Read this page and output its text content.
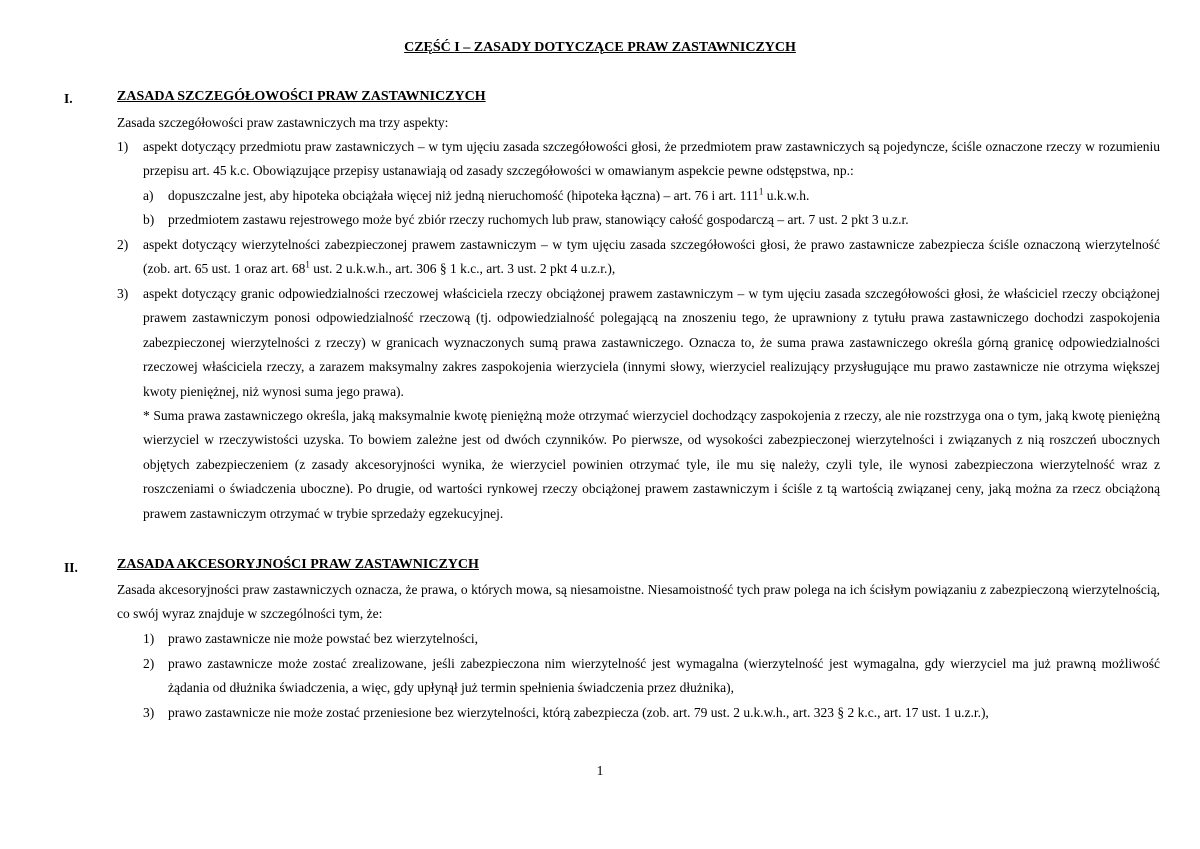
CZĘŚĆ I – ZASADY DOTYCZĄCE PRAW ZASTAWNICZYCH
I.	ZASADA SZCZEGÓŁOWOŚCI PRAW ZASTAWNICZYCH
Zasada szczegółowości praw zastawniczych ma trzy aspekty:
1) aspekt dotyczący przedmiotu praw zastawniczych – w tym ujęciu zasada szczegółowości głosi, że przedmiotem praw zastawniczych są pojedyncze, ściśle oznaczone rzeczy w rozumieniu przepisu art. 45 k.c. Obowiązujące przepisy ustanawiają od zasady szczegółowości w omawianym aspekcie pewne odstępstwa, np.:
a) dopuszczalne jest, aby hipoteka obciążała więcej niż jedną nieruchomość (hipoteka łączna) – art. 76 i art. $111^1$ u.k.w.h.
b) przedmiotem zastawu rejestrowego może być zbiór rzeczy ruchomych lub praw, stanowiący całość gospodarczą – art. 7 ust. 2 pkt 3 u.z.r.
2) aspekt dotyczący wierzytelności zabezpieczonej prawem zastawniczym – w tym ujęciu zasada szczegółowości głosi, że prawo zastawnicze zabezpiecza ściśle oznaczoną wierzytelność (zob. art. 65 ust. 1 oraz art. $68^1$ ust. 2 u.k.w.h., art. 306 § 1 k.c., art. 3 ust. 2 pkt 4 u.z.r.),
3) aspekt dotyczący granic odpowiedzialności rzeczowej właściciela rzeczy obciążonej prawem zastawniczym – w tym ujęciu zasada szczegółowości głosi, że właściciel rzeczy obciążonej prawem zastawniczym ponosi odpowiedzialność rzeczową (tj. odpowiedzialność polegającą na znoszeniu tego, że uprawniony z tytułu prawa zastawniczego dochodzi zaspokojenia zabezpieczonej wierzytelności z rzeczy) w granicach wyznaczonych sumą prawa zastawniczego. Oznacza to, że suma prawa zastawniczego określa górną granicę odpowiedzialności rzeczowej właściciela rzeczy, a zarazem maksymalny zakres zaspokojenia wierzyciela (innymi słowy, wierzyciel realizujący przysługujące mu prawo zastawnicze nie otrzyma większej kwoty pieniężnej, niż wynosi suma jego prawa).
* Suma prawa zastawniczego określa, jaką maksymalnie kwotę pieniężną może otrzymać wierzyciel dochodzący zaspokojenia z rzeczy, ale nie rozstrzyga ona o tym, jaką kwotę pieniężną wierzyciel w rzeczywistości uzyska. To bowiem zależne jest od dwóch czynników. Po pierwsze, od wysokości zabezpieczonej wierzytelności i związanych z nią roszczeń ubocznych objętych zabezpieczeniem (z zasady akcesoryjności wynika, że wierzyciel powinien otrzymać tyle, ile mu się należy, czyli tyle, ile wynosi zabezpieczona wierzytelność wraz z roszczeniami o świadczenia uboczne). Po drugie, od wartości rynkowej rzeczy obciążonej prawem zastawniczym i ściśle z tą wartością związanej ceny, jaką można za rzecz obciążoną prawem zastawniczym otrzymać w trybie sprzedaży egzekucyjnej.
II.	ZASADA AKCESORYJNOŚCI PRAW ZASTAWNICZYCH
Zasada akcesoryjności praw zastawniczych oznacza, że prawa, o których mowa, są niesamoistne. Niesamoistność tych praw polega na ich ścisłym powiązaniu z zabezpieczoną wierzytelnością, co swój wyraz znajduje w szczególności tym, że:
1) prawo zastawnicze nie może powstać bez wierzytelności,
2) prawo zastawnicze może zostać zrealizowane, jeśli zabezpieczona nim wierzytelność jest wymagalna (wierzytelność jest wymagalna, gdy wierzyciel ma już prawną możliwość żądania od dłużnika świadczenia, a więc, gdy upłynął już termin spełnienia świadczenia przez dłużnika),
3) prawo zastawnicze nie może zostać przeniesione bez wierzytelności, którą zabezpiecza (zob. art. 79 ust. 2 u.k.w.h., art. 323 § 2 k.c., art. 17 ust. 1 u.z.r.),
1
